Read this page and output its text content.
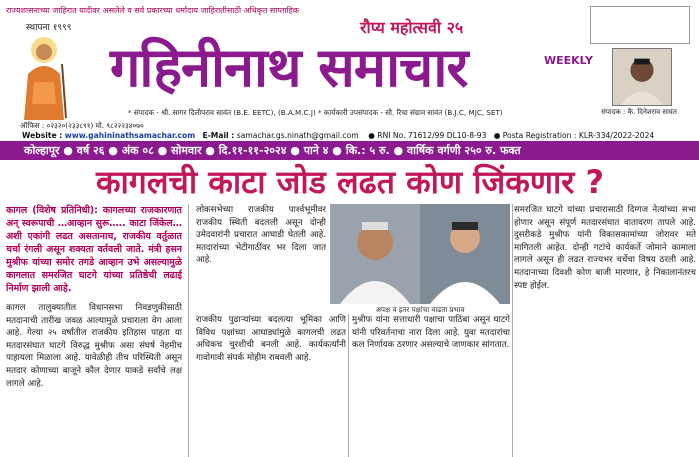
राज्यशासनाच्या जाहिरात यादीवर असलेले व सर्व प्रकारच्या धर्मादाय जाहिरातीसाठी अधिकृत साप्ताहिक
स्थापना १९९९	रौप्य महोत्सवी २५
गहिनीनाथ समाचार	WEEKLY
संपादक : कै. दिनेशराव सावंत
* संपादक - श्री. सागर दिलीपराव सावंत (B.E. EETC), (B.A.M.C.J) * कार्यकारी उपसंपादक - सौ. रिचा संग्राम सावंत (B.J.C, MJC, SET)
ऑफिस : ०२३२०(२३३८९१) मो. ९८२२२३४०७०
Website : www.gahininathsamachar.com E-Mail : samachar.gs.ninath@gmail.com ● RNI No. 71612/99 DL10-8-93 ● Posta Registration : KLR-334/2022-2024
कोल्हापूर ● वर्ष २६ ● अंक ०८ ● सोमवार ● दि.११-११-२०२४ ● पाने ४ ● कि.: ५ रु. ● वार्षिक वर्गणी २५० रु. फक्त
कागलची काटा जोड लढत कोण जिंकणार ?

कागल (विशेष प्रतिनिधी): कागलच्या राजकारणात अन् स्वरूपाची …आव्हान सुरू….. काटा जिंकेल… अशी एकांगी लढत असतानाच, राजकीय वर्तुळात चर्चा रंगली असून शक्यता वर्तवली जाते. मंत्री हसन मुश्रीफ यांच्या समोर तगडे आव्हान उभे असल्यामुळे कागलात समरजित घाटगे यांच्या प्रतिष्ठेची लढाई निर्माण झाली आहे.

कागल तालुक्यातील विधानसभा निवडणुकीसाठी मतदानाची तारीख जवळ आल्यामुळे प्रचाराला वेग आला आहे. गेल्या २५ वर्षांतील राजकीय इतिहास पाहता या मतदारसंघात घाटगे विरुद्ध मुश्रीफ असा संघर्ष नेहमीच पाहायला मिळाला आहे. यावेळीही तीच परिस्थिती असून मतदार कोणाच्या बाजूने कौल देणार याकडे सर्वांचे लक्ष लागले आहे.

लोकसभेच्या राजकीय पार्श्वभूमीवर राजकीय स्थिती बदलली असून दोन्ही उमेदवारांनी प्रचारात आघाडी घेतली आहे. मतदारांच्या भेटीगाठींवर भर दिला जात आहे.

अपक्ष व इतर पक्षांचा वाढता प्रभाव

समरजित घाटगे यांच्या प्रचारासाठी दिग्गज नेत्यांच्या सभा होणार असून संपूर्ण मतदारसंघात वातावरण तापले आहे. दुसरीकडे मुश्रीफ यांनी विकासकामांच्या जोरावर मते मागितली आहेत. दोन्ही गटांचे कार्यकर्ते जोमाने कामाला लागले असून ही लढत राज्यभर चर्चेचा विषय ठरली आहे. मतदानाच्या दिवशी कोण बाजी मारणार, हे निकालानंतरच स्पष्ट होईल.

राजकीय पुढाऱ्यांच्या बदलत्या भूमिका आणि विविध पक्षांच्या आघाड्यांमुळे कागलची लढत अधिकच चुरशीची बनली आहे. कार्यकर्त्यांनी गावोगावी संपर्क मोहीम राबवली आहे.

मुश्रीफ यांना सत्ताधारी पक्षाचा पाठिंबा असून घाटगे यांनी परिवर्तनाचा नारा दिला आहे. युवा मतदारांचा कल निर्णायक ठरणार असल्याचे जाणकार सांगतात.
